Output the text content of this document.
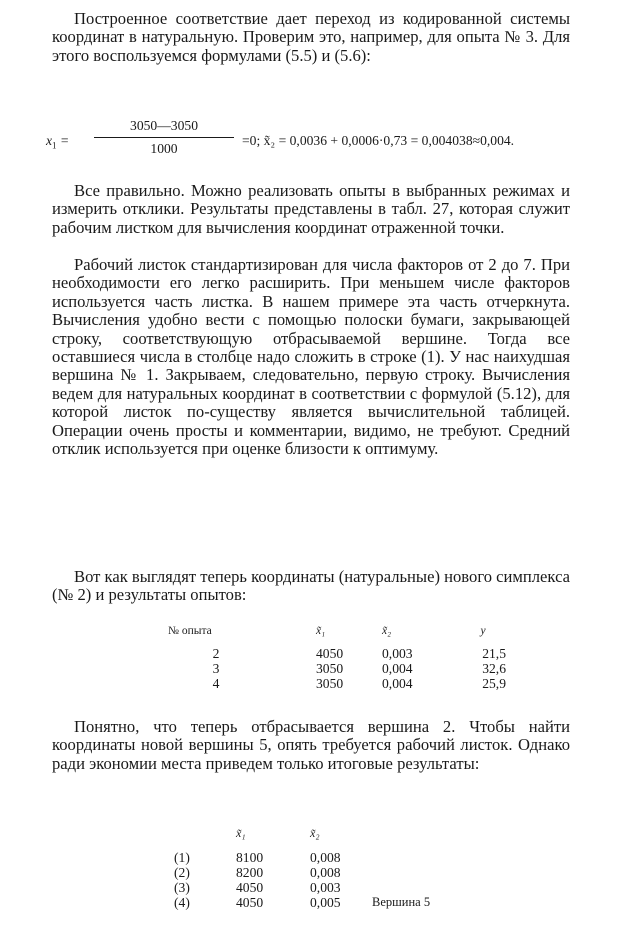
Построенное соответствие дает переход из кодированной системы координат в натуральную. Проверим это, например, для опыта № 3. Для этого воспользуемся формулами (5.5) и (5.6):

$x_1 = \frac{3050—3050}{1000} =0$; x̃₂ = 0,0036 + 0,0006·0,73 = 0,004038≈0,004.

Все правильно. Можно реализовать опыты в выбранных режимах и измерить отклики. Результаты представлены в табл. 27, которая служит рабочим листком для вычисления координат отраженной точки.

Рабочий листок стандартизирован для числа факторов от 2 до 7. При необходимости его легко расширить. При меньшем числе факторов используется часть листка. В нашем примере эта часть отчеркнута. Вычисления удобно вести с помощью полоски бумаги, закрывающей строку, соответствующую отбрасываемой вершине. Тогда все оставшиеся числа в столбце надо сложить в строке (1). У нас наихудшая вершина № 1. Закрываем, следовательно, первую строку. Вычисления ведем для натуральных координат в соответствии с формулой (5.12), для которой листок по-существу является вычислительной таблицей. Операции очень просты и комментарии, видимо, не требуют. Средний отклик используется при оценке близости к оптимуму.

Вот как выглядят теперь координаты (натуральные) нового симплекса (№ 2) и результаты опытов:

№ опыта	x̃₁	x̃₂	y
2	4050	0,003	21,5
3	3050	0,004	32,6
4	3050	0,004	25,9

Понятно, что теперь отбрасывается вершина 2. Чтобы найти координаты новой вершины 5, опять требуется рабочий листок. Однако ради экономии места приведем только итоговые результаты:

	x̃₁	x̃₂	
(1)	8100	0,008	
(2)	8200	0,008	
(3)	4050	0,003	
(4)	4050	0,005	Вершина 5
